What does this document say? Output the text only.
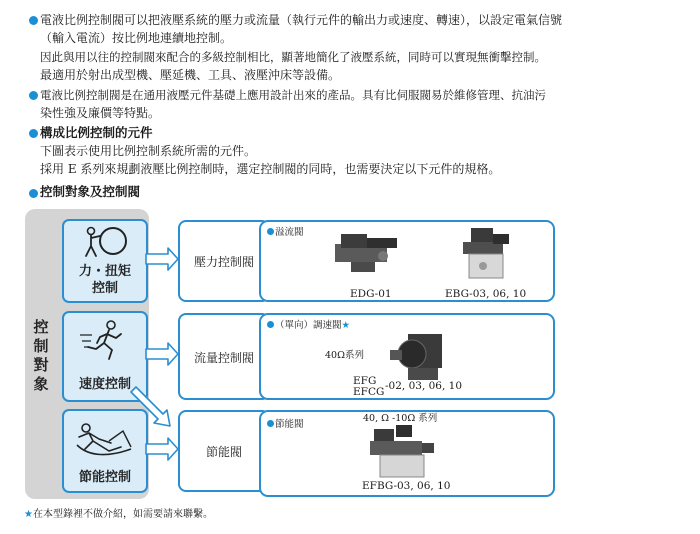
電液比例控制閥可以把液壓系統的壓力或流量（執行元件的輸出力或速度、轉速），以設定電氣信號
（輸入電流）按比例地連續地控制。
因此與用以往的控制閥來配合的多級控制相比，顯著地簡化了液壓系統，同時可以實現無衝擊控制。
最適用於射出成型機、壓延機、工具、液壓沖床等設備。
電液比例控制閥是在通用液壓元件基礎上應用設計出來的產品。具有比伺服閥易於維修管理、抗油污
染性強及廉價等特點。
構成比例控制的元件
下圖表示使用比例控制系統所需的元件。
採用 E 系列來規劃液壓比例控制時，選定控制閥的同時，也需要決定以下元件的規格。
控制對象及控制閥
控
制
對
象
力・扭矩
控制
速度控制
節能控制
壓力控制閥
流量控制閥
節能閥
溢流閥
EDG-01	EBG-03, 06, 10
（單向）調速閥★
40Ω系列
EFG
EFCG -02, 03, 06, 10
節能閥
40, Ω -10Ω 系列
EFBG-03, 06, 10
★在本型錄裡不做介紹，如需要請來聯繫。
